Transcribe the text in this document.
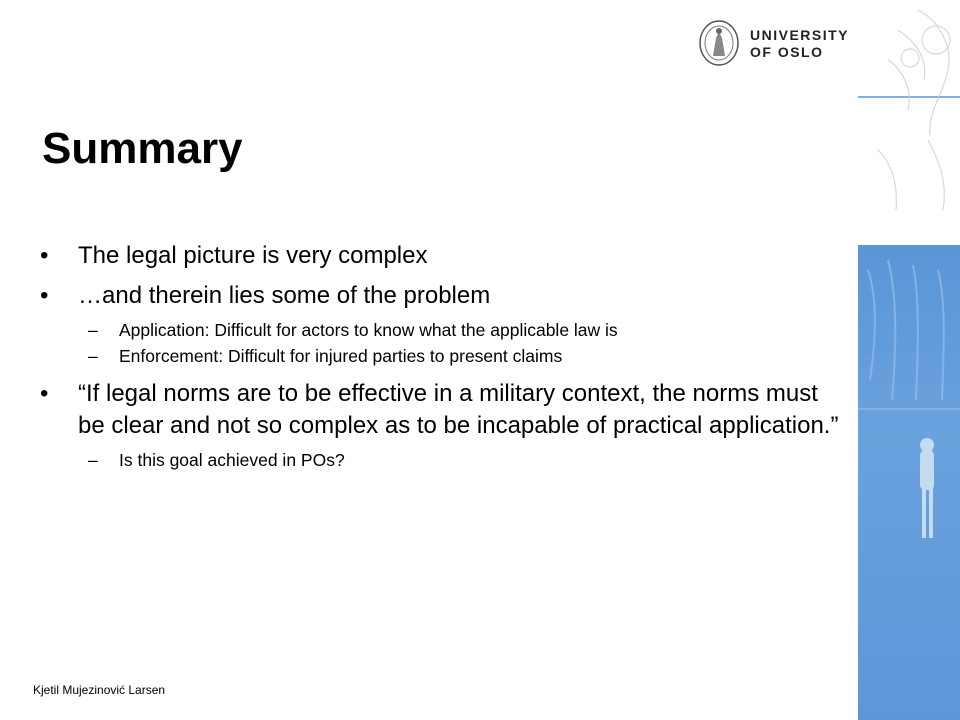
UNIVERSITY
OF OSLO
Summary
• The legal picture is very complex
• …and therein lies some of the problem
– Application: Difficult for actors to know what the applicable law is
– Enforcement: Difficult for injured parties to present claims
• “If legal norms are to be effective in a military context, the norms must be clear and not so complex as to be incapable of practical application.”
– Is this goal achieved in POs?
Kjetil Mujezinović Larsen
